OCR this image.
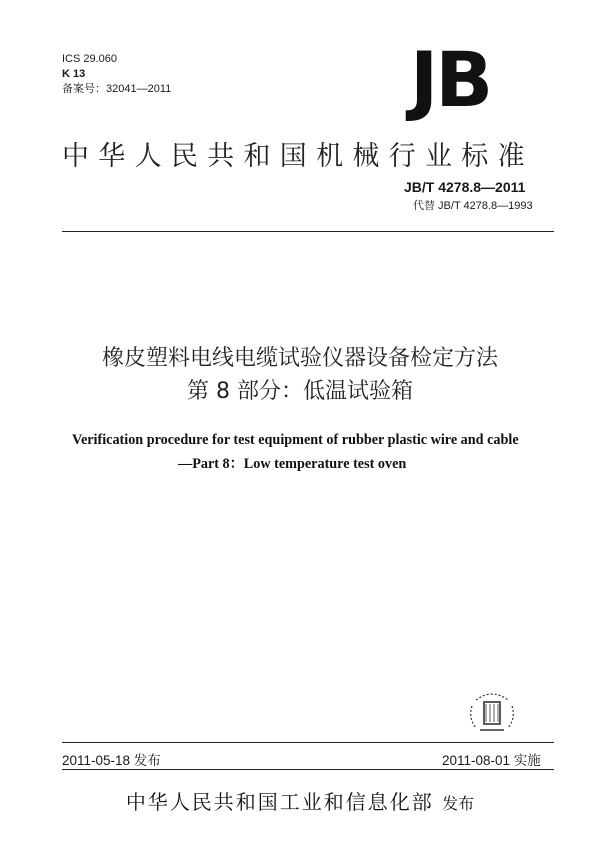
ICS 29.060
K 13
备案号：32041—2011	JB
中华人民共和国机械行业标准
JB/T 4278.8—2011
代替 JB/T 4278.8—1993
橡皮塑料电线电缆试验仪器设备检定方法
第 8 部分：低温试验箱
Verification procedure for test equipment of rubber plastic wire and cable
—Part 8：Low temperature test oven
2011-05-18 发布	2011-08-01 实施
中华人民共和国工业和信息化部 发布
